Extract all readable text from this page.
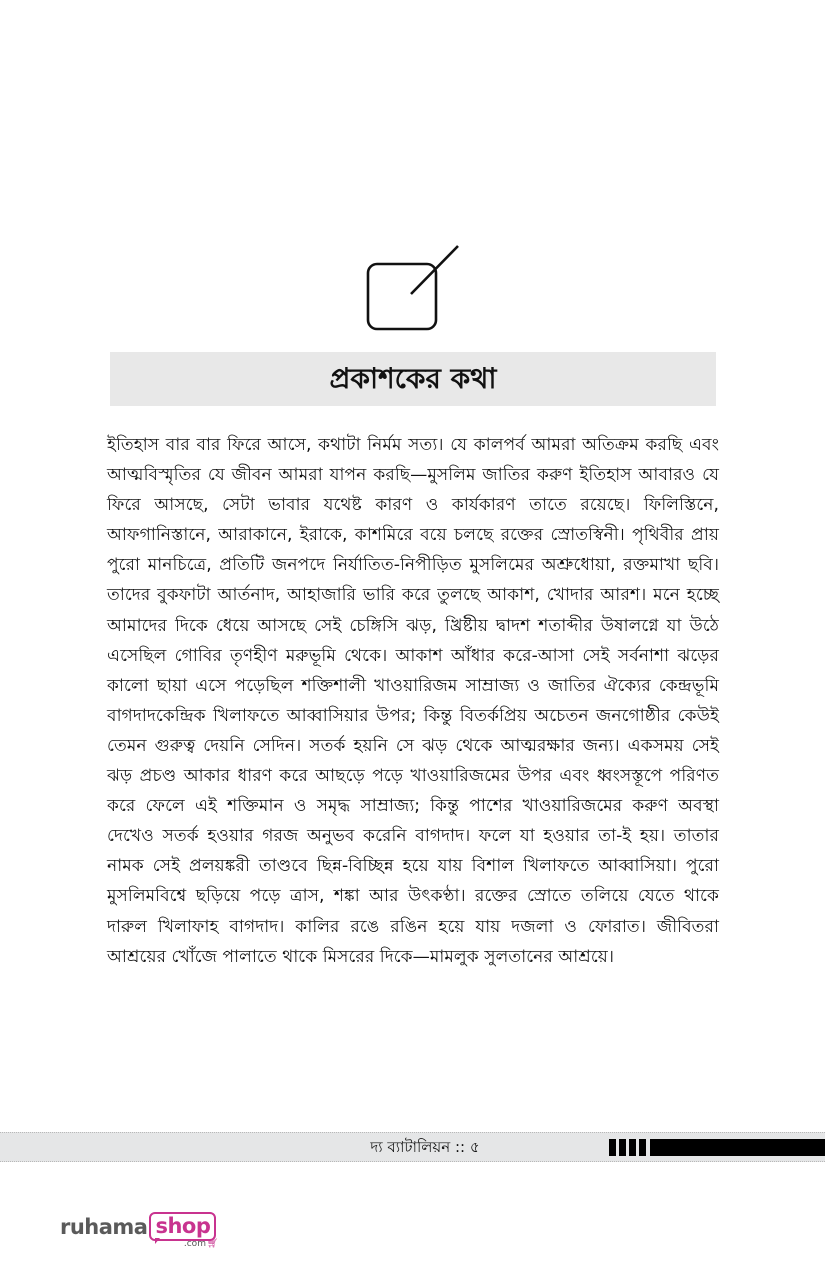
প্রকাশকের কথা

ইতিহাস বার বার ফিরে আসে, কথাটা নির্মম সত্য। যে কালপর্ব আমরা অতিক্রম করছি এবং আত্মবিস্মৃতির যে জীবন আমরা যাপন করছি—মুসলিম জাতির করুণ ইতিহাস আবারও যে ফিরে আসছে, সেটা ভাবার যথেষ্ট কারণ ও কার্যকারণ তাতে রয়েছে। ফিলিস্তিনে, আফগানিস্তানে, আরাকানে, ইরাকে, কাশমিরে বয়ে চলছে রক্তের স্রোতস্বিনী। পৃথিবীর প্রায় পুরো মানচিত্রে, প্রতিটি জনপদে নির্যাতিত-নিপীড়িত মুসলিমের অশ্রুধোয়া, রক্তমাখা ছবি। তাদের বুকফাটা আর্তনাদ, আহাজারি ভারি করে তুলছে আকাশ, খোদার আরশ। মনে হচ্ছে আমাদের দিকে ধেয়ে আসছে সেই চেঙ্গিসি ঝড়, খ্রিষ্টীয় দ্বাদশ শতাব্দীর উষালগ্নে যা উঠে এসেছিল গোবির তৃণহীণ মরুভূমি থেকে। আকাশ আঁধার করে-আসা সেই সর্বনাশা ঝড়ের কালো ছায়া এসে পড়েছিল শক্তিশালী খাওয়ারিজম সাম্রাজ্য ও জাতির ঐক্যের কেন্দ্রভূমি বাগদাদকেন্দ্রিক খিলাফতে আব্বাসিয়ার উপর; কিন্তু বিতর্কপ্রিয় অচেতন জনগোষ্ঠীর কেউই তেমন গুরুত্ব দেয়নি সেদিন। সতর্ক হয়নি সে ঝড় থেকে আত্মরক্ষার জন্য। একসময় সেই ঝড় প্রচণ্ড আকার ধারণ করে আছড়ে পড়ে খাওয়ারিজমের উপর এবং ধ্বংসস্তূপে পরিণত করে ফেলে এই শক্তিমান ও সমৃদ্ধ সাম্রাজ্য; কিন্তু পাশের খাওয়ারিজমের করুণ অবস্থা দেখেও সতর্ক হওয়ার গরজ অনুভব করেনি বাগদাদ। ফলে যা হওয়ার তা-ই হয়। তাতার নামক সেই প্রলয়ঙ্করী তাণ্ডবে ছিন্ন-বিচ্ছিন্ন হয়ে যায় বিশাল খিলাফতে আব্বাসিয়া। পুরো মুসলিমবিশ্বে ছড়িয়ে পড়ে ত্রাস, শঙ্কা আর উৎকণ্ঠা। রক্তের স্রোতে তলিয়ে যেতে থাকে দারুল খিলাফাহ বাগদাদ। কালির রঙে রঙিন হয়ে যায় দজলা ও ফোরাত। জীবিতরা আশ্রয়ের খোঁজে পালাতে থাকে মিসরের দিকে—মামলুক সুলতানের আশ্রয়ে।

দ্য ব্যাটালিয়ন :: ৫
ruhama shop
.com🛒︎
